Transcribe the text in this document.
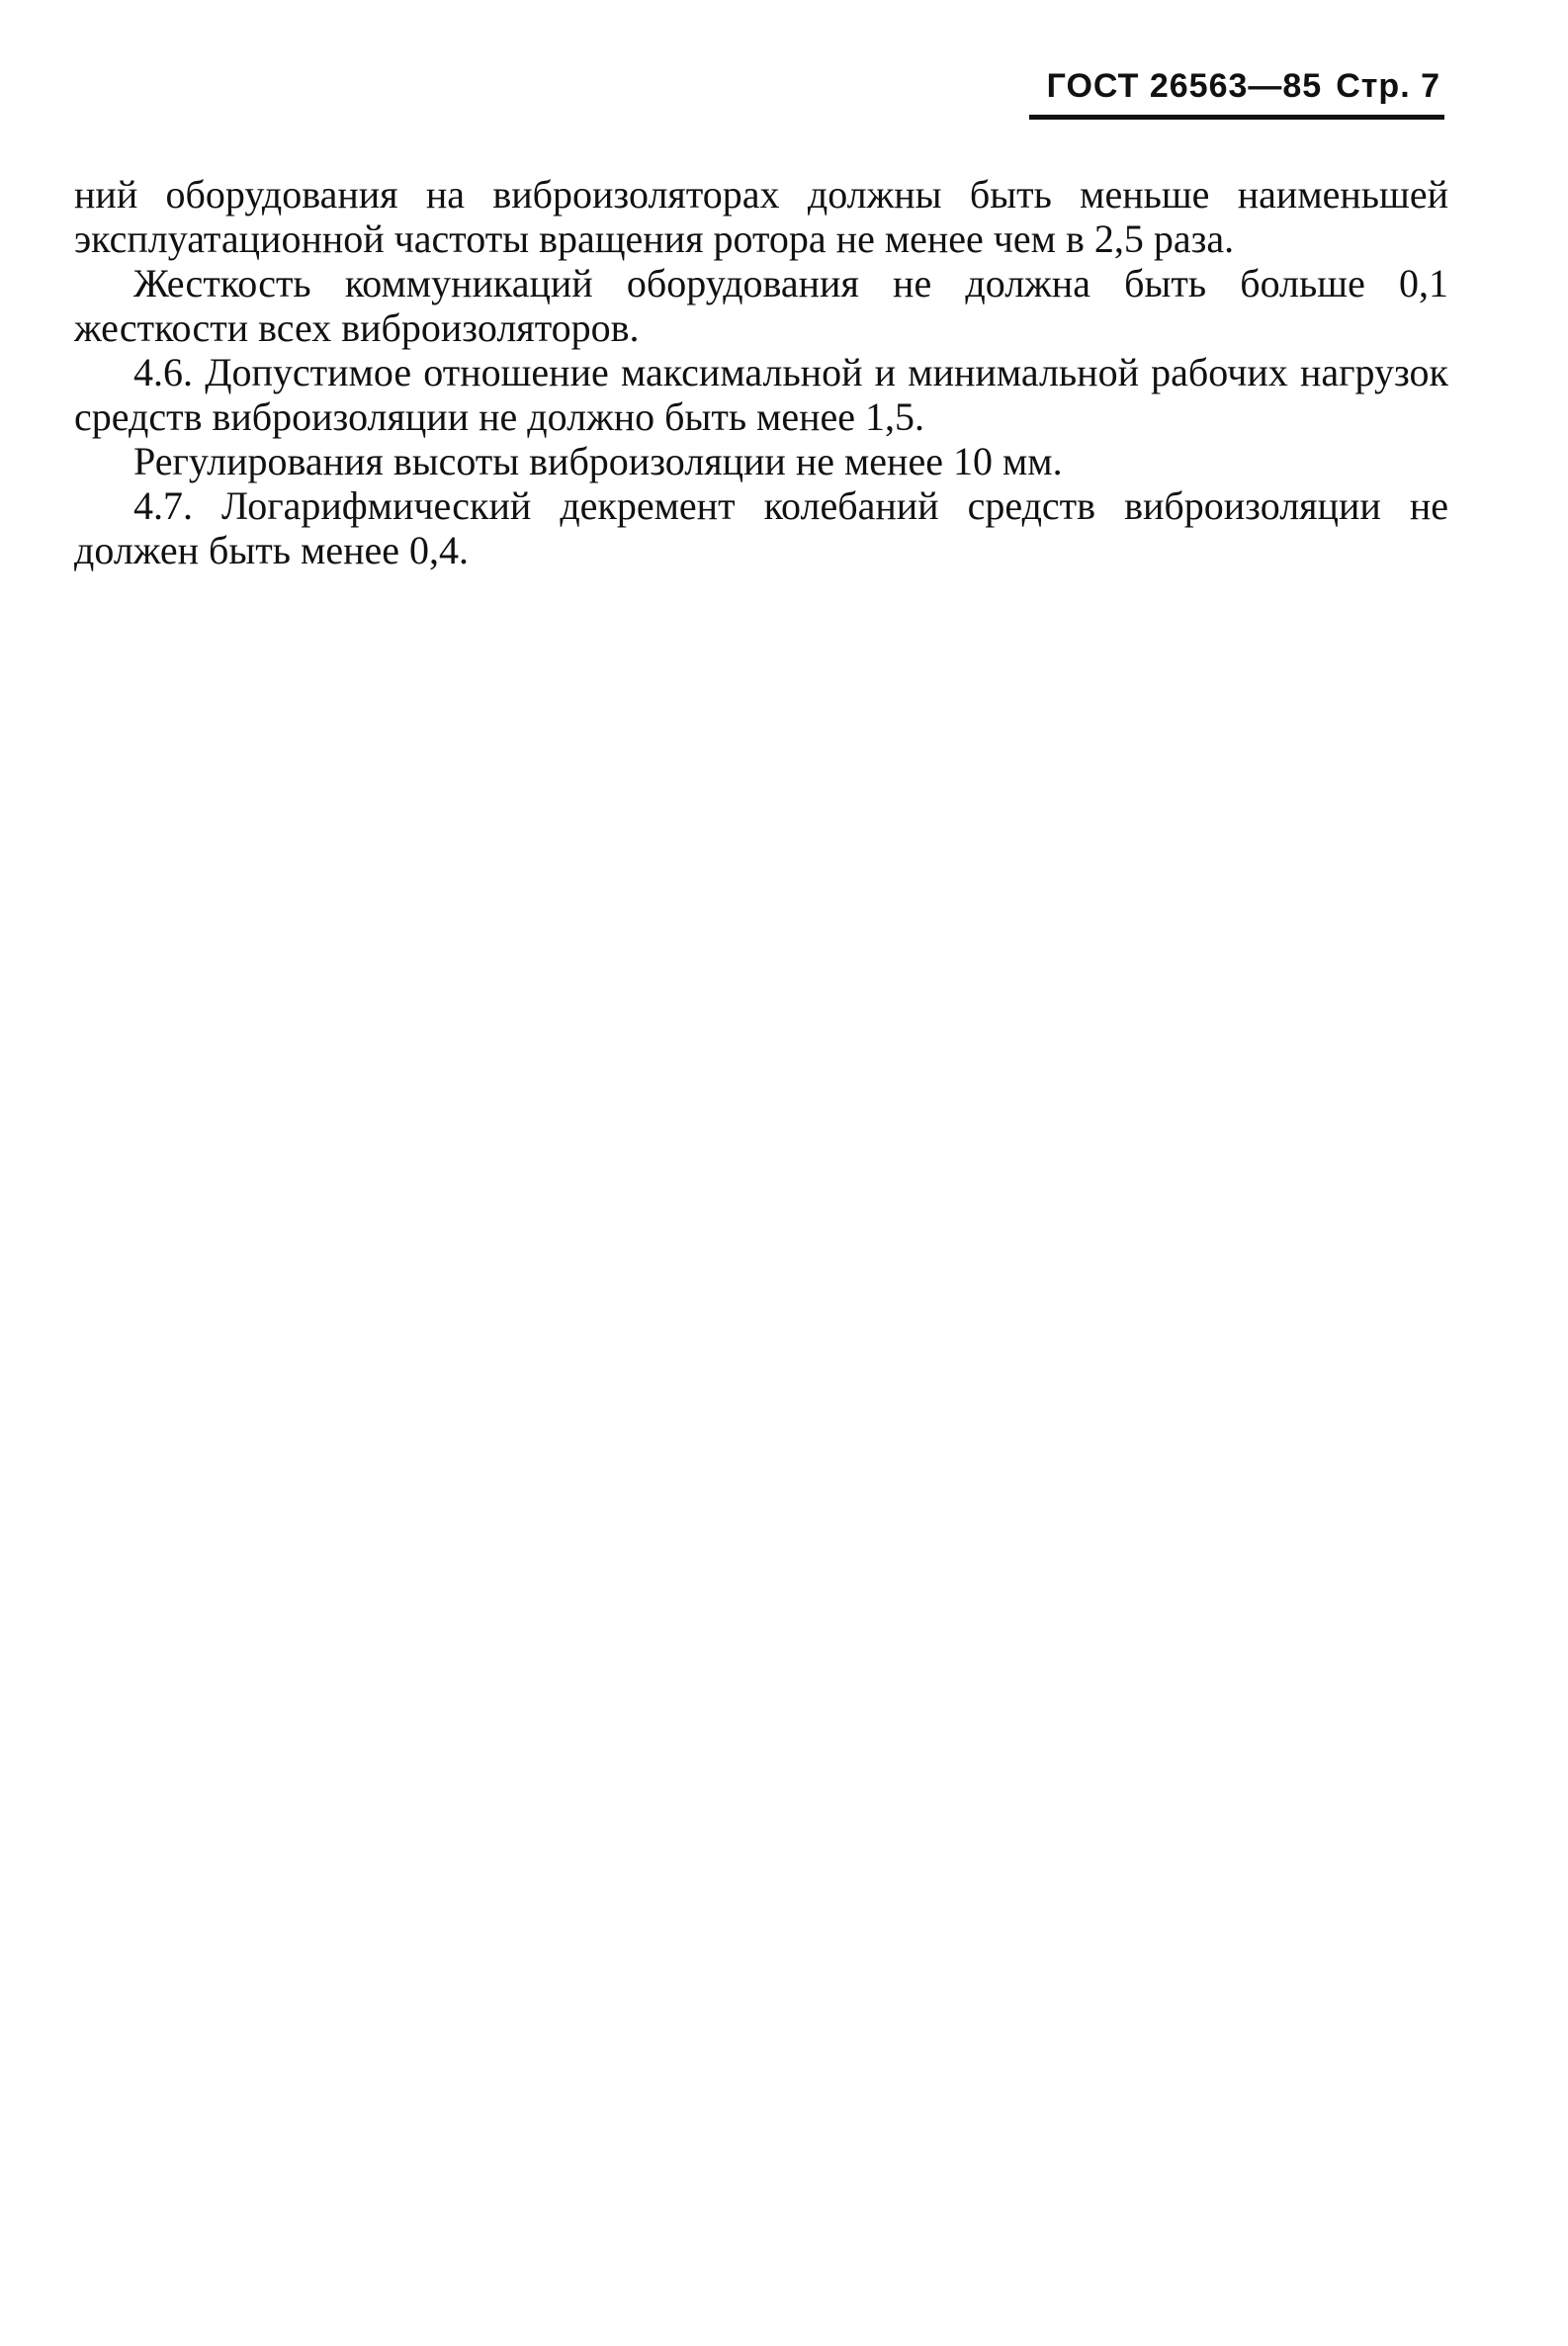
ГОСТ 26563—85 Стр. 7

ний оборудования на виброизоляторах должны быть меньше наименьшей эксплуатационной частоты вращения ротора не менее чем в 2,5 раза.

Жесткость коммуникаций оборудования не должна быть больше 0,1 жесткости всех виброизоляторов.

4.6. Допустимое отношение максимальной и минимальной рабочих нагрузок средств виброизоляции не должно быть менее 1,5.

Регулирования высоты виброизоляции не менее 10 мм.

4.7. Логарифмический декремент колебаний средств виброизоляции не должен быть менее 0,4.
